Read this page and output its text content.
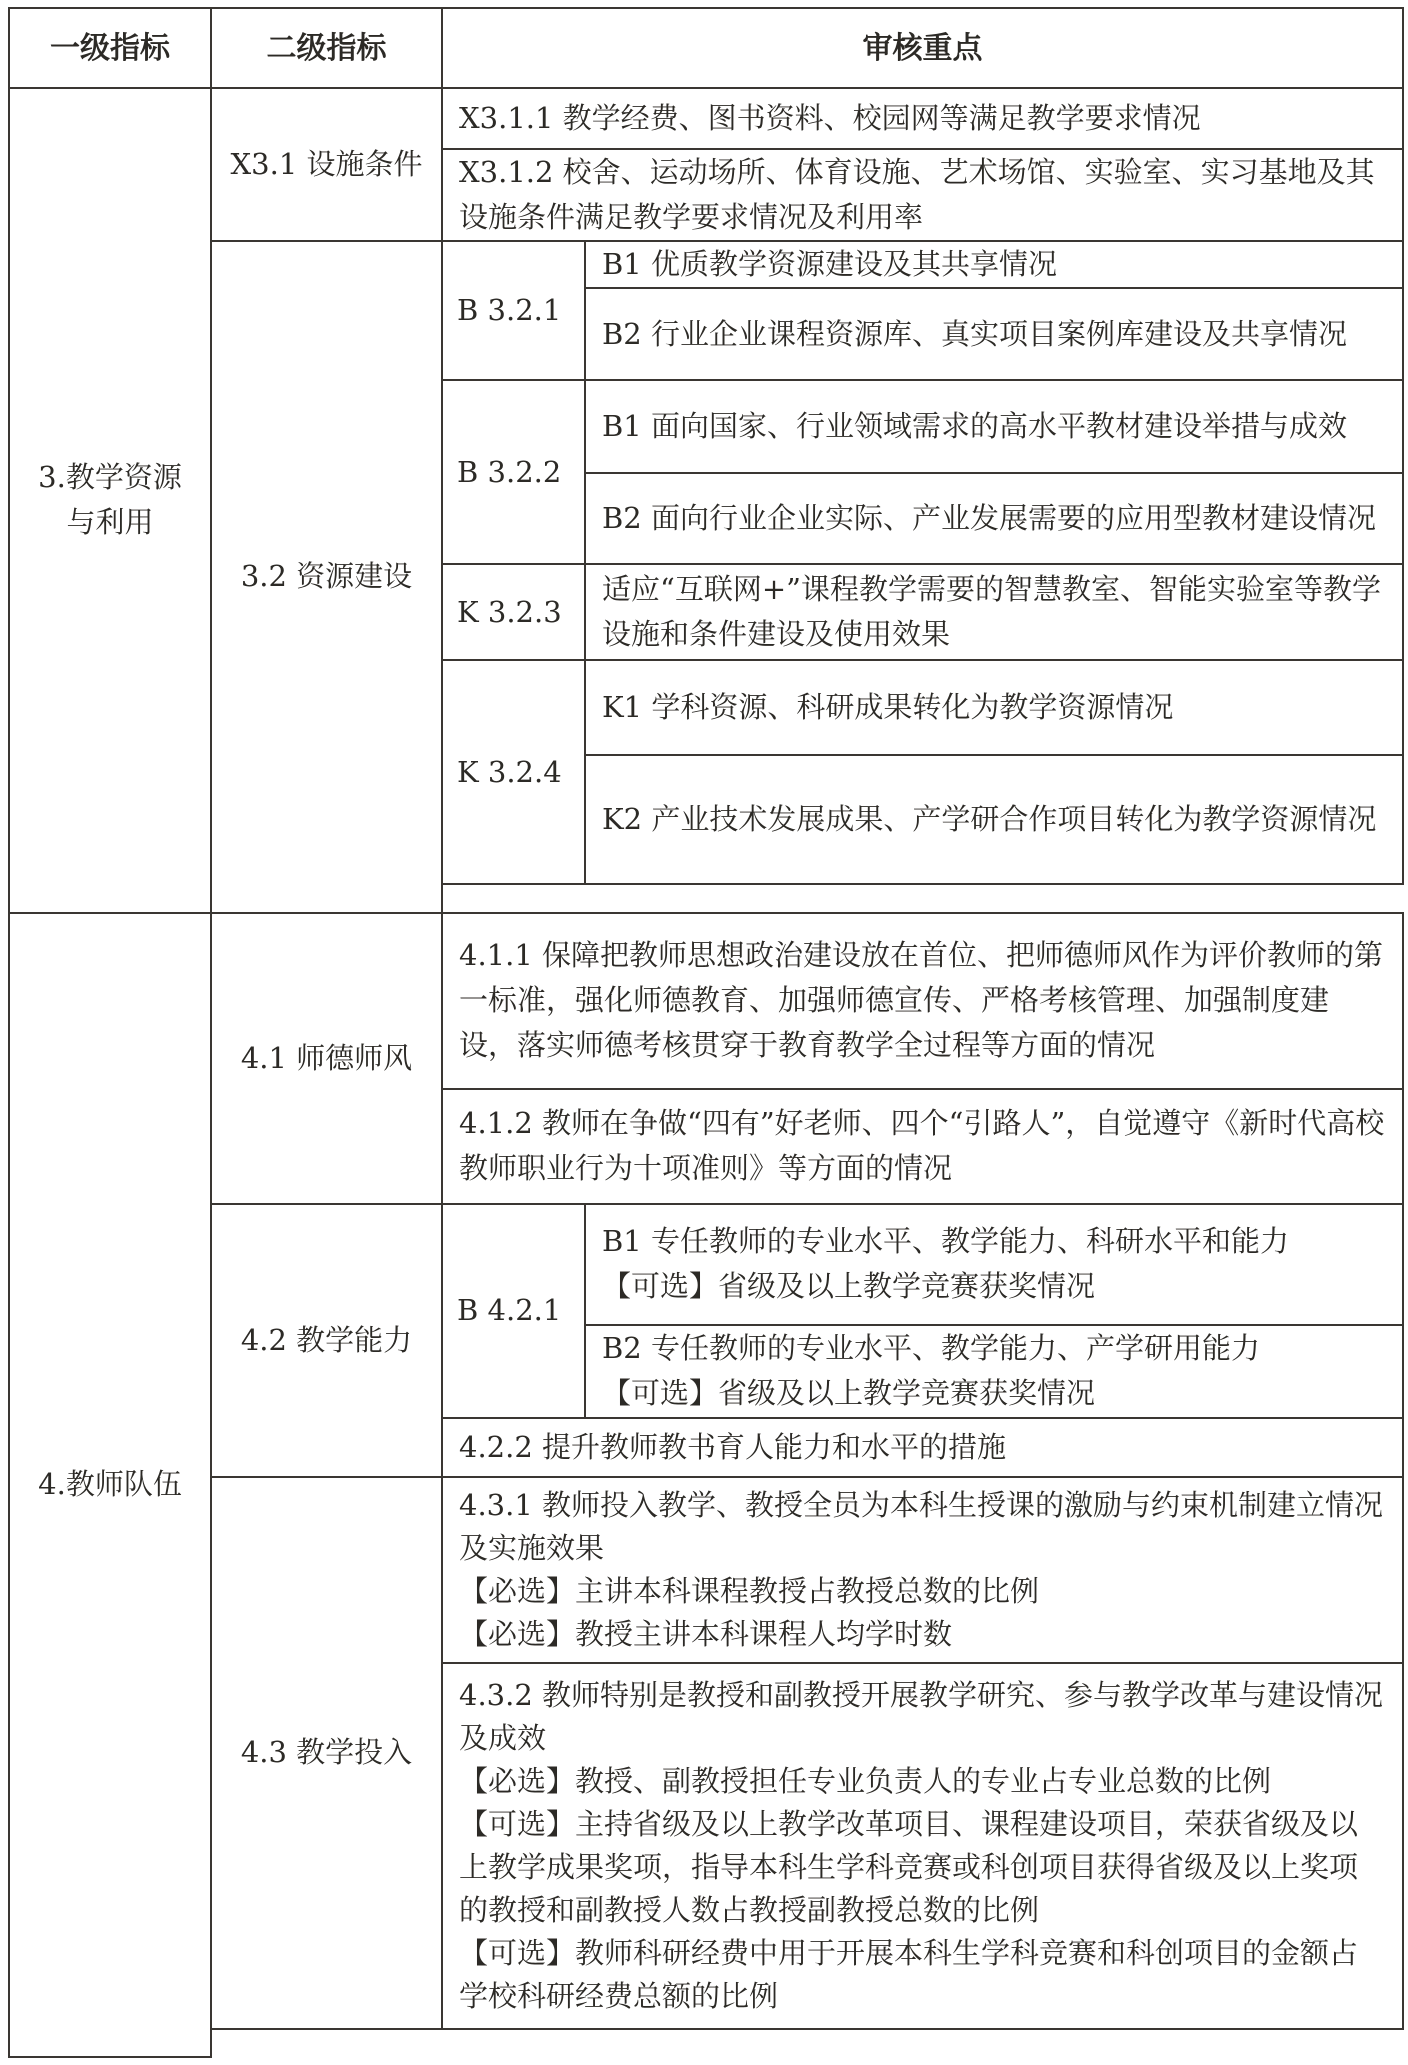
一级指标	二级指标	审核重点	
3.教学资源与利用	X3.1 设施条件	X3.1.1 教学经费、图书资料、校园网等满足教学要求情况	
		X3.1.2 校舍、运动场所、体育设施、艺术场馆、实验室、实习基地及其设施条件满足教学要求情况及利用率	
	3.2 资源建设	B 3.2.1	B1 优质教学资源建设及其共享情况
			B2 行业企业课程资源库、真实项目案例库建设及共享情况
		B 3.2.2	B1 面向国家、行业领域需求的高水平教材建设举措与成效
			B2 面向行业企业实际、产业发展需要的应用型教材建设情况
		K 3.2.3	适应“互联网+”课程教学需要的智慧教室、智能实验室等教学设施和条件建设及使用效果
		K 3.2.4	K1 学科资源、科研成果转化为教学资源情况
			K2 产业技术发展成果、产学研合作项目转化为教学资源情况

4.教师队伍	4.1 师德师风	4.1.1 保障把教师思想政治建设放在首位、把师德师风作为评价教师的第一标准，强化师德教育、加强师德宣传、严格考核管理、加强制度建设，落实师德考核贯穿于教育教学全过程等方面的情况	
		4.1.2 教师在争做“四有”好老师、四个“引路人”，自觉遵守《新时代高校教师职业行为十项准则》等方面的情况	
	4.2 教学能力	B 4.2.1	B1 专任教师的专业水平、教学能力、科研水平和能力
【可选】省级及以上教学竞赛获奖情况

			B2 专任教师的专业水平、教学能力、产学研用能力
【可选】省级及以上教学竞赛获奖情况

		4.2.2 提升教师教书育人能力和水平的措施	
	4.3 教学投入	4.3.1 教师投入教学、教授全员为本科生授课的激励与约束机制建立情况及实施效果
【必选】主讲本科课程教授占教授总数的比例
【必选】教授主讲本科课程人均学时数	

		4.3.2 教师特别是教授和副教授开展教学研究、参与教学改革与建设情况及成效
【必选】教授、副教授担任专业负责人的专业占专业总数的比例
【可选】主持省级及以上教学改革项目、课程建设项目，荣获省级及以上教学成果奖项，指导本科生学科竞赛或科创项目获得省级及以上奖项的教授和副教授人数占教授副教授总数的比例
【可选】教师科研经费中用于开展本科生学科竞赛和科创项目的金额占学校科研经费总额的比例	
